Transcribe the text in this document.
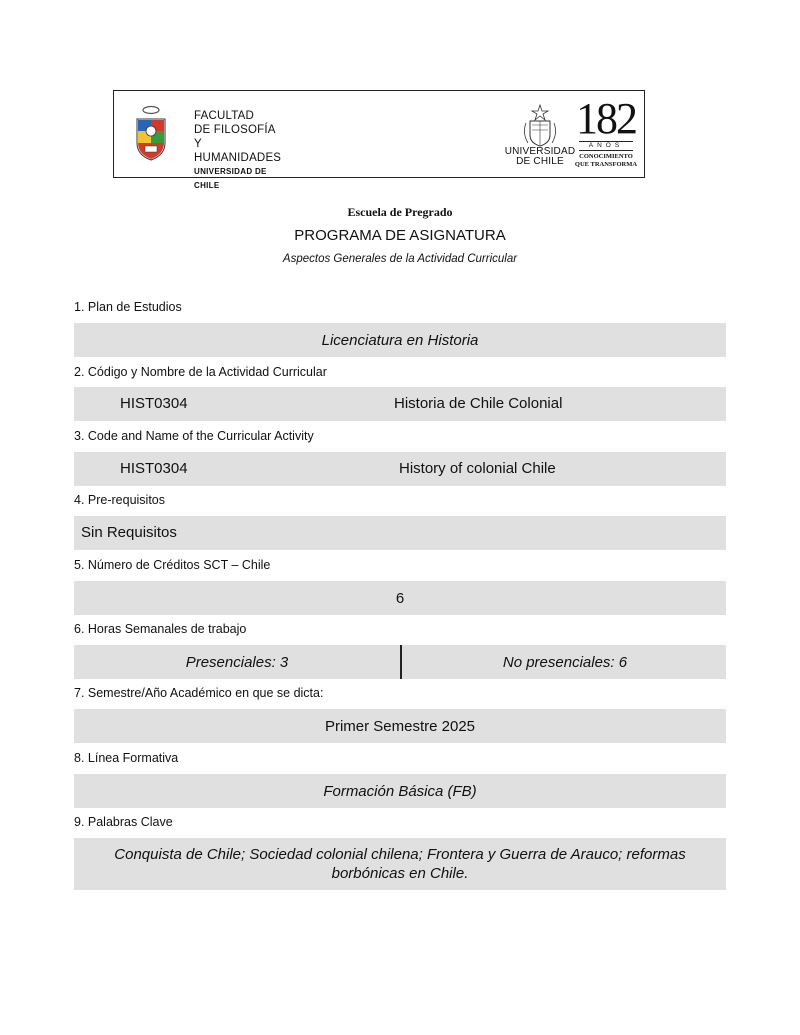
FACULTAD
DE FILOSOFÍA
Y HUMANIDADES
UNIVERSIDAD DE CHILE
UNIVERSIDAD
DE CHILE
182
AÑOS
CONOCIMIENTO
QUE TRANSFORMA
Escuela de Pregrado
PROGRAMA DE ASIGNATURA
Aspectos Generales de la Actividad Curricular
1. Plan de Estudios
Licenciatura en Historia
2. Código y Nombre de la Actividad Curricular
HIST0304	Historia de Chile Colonial
3. Code and Name of the Curricular Activity
HIST0304	History of colonial Chile
4. Pre-requisitos
Sin Requisitos
5. Número de Créditos SCT – Chile
6
6. Horas Semanales de trabajo
Presenciales: 3	No presenciales: 6
7. Semestre/Año Académico en que se dicta:
Primer Semestre 2025
8. Línea Formativa
Formación Básica (FB)
9. Palabras Clave
Conquista de Chile; Sociedad colonial chilena; Frontera y Guerra de Arauco; reformas borbónicas en Chile.
